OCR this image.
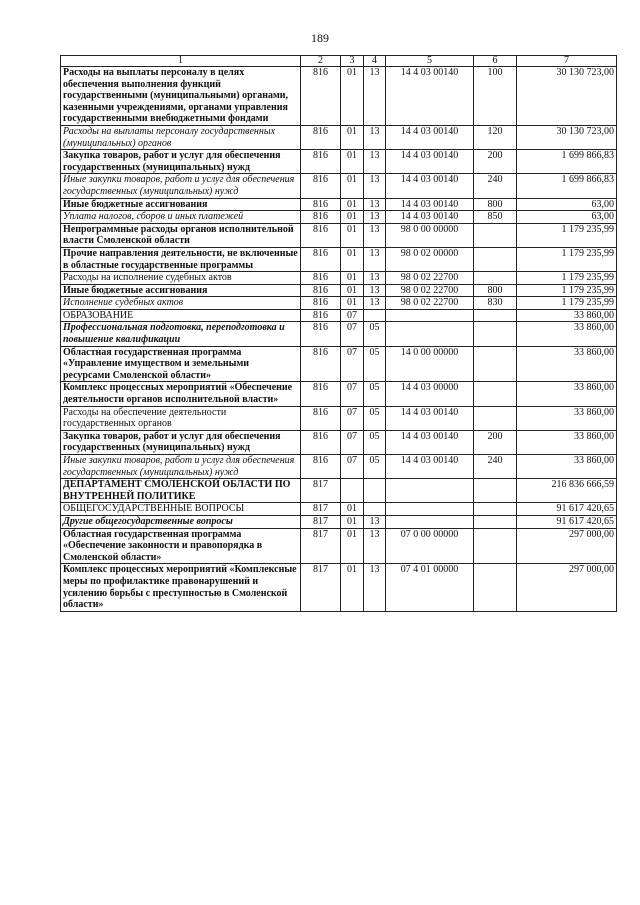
189
1	2	3	4	5	6	7
Расходы на выплаты персоналу в целях обеспечения выполнения функций государственными (муниципальными) органами, казенными учреждениями, органами управления государственными внебюджетными фондами	816	01	13	14 4 03 00140	100	30 130 723,00
Расходы на выплаты персоналу государственных (муниципальных) органов	816	01	13	14 4 03 00140	120	30 130 723,00
Закупка товаров, работ и услуг для обеспечения государственных (муниципальных) нужд	816	01	13	14 4 03 00140	200	1 699 866,83
Иные закупки товаров, работ и услуг для обеспечения государственных (муниципальных) нужд	816	01	13	14 4 03 00140	240	1 699 866,83
Иные бюджетные ассигнования	816	01	13	14 4 03 00140	800	63,00
Уплата налогов, сборов и иных платежей	816	01	13	14 4 03 00140	850	63,00
Непрограммные расходы органов исполнительной власти Смоленской области	816	01	13	98 0 00 00000		1 179 235,99
Прочие направления деятельности, не включенные в областные государственные программы	816	01	13	98 0 02 00000		1 179 235,99
Расходы на исполнение судебных актов	816	01	13	98 0 02 22700		1 179 235,99
Иные бюджетные ассигнования	816	01	13	98 0 02 22700	800	1 179 235,99
Исполнение судебных актов	816	01	13	98 0 02 22700	830	1 179 235,99
ОБРАЗОВАНИЕ	816	07				33 860,00
Профессиональная подготовка, переподготовка и повышение квалификации	816	07	05			33 860,00
Областная государственная программа «Управление имуществом и земельными ресурсами Смоленской области»	816	07	05	14 0 00 00000		33 860,00
Комплекс процессных мероприятий «Обеспечение деятельности органов исполнительной власти»	816	07	05	14 4 03 00000		33 860,00
Расходы на обеспечение деятельности государственных органов	816	07	05	14 4 03 00140		33 860,00
Закупка товаров, работ и услуг для обеспечения государственных (муниципальных) нужд	816	07	05	14 4 03 00140	200	33 860,00
Иные закупки товаров, работ и услуг для обеспечения государственных (муниципальных) нужд	816	07	05	14 4 03 00140	240	33 860,00
ДЕПАРТАМЕНТ СМОЛЕНСКОЙ ОБЛАСТИ ПО ВНУТРЕННЕЙ ПОЛИТИКЕ	817					216 836 666,59
ОБЩЕГОСУДАРСТВЕННЫЕ ВОПРОСЫ	817	01				91 617 420,65
Другие общегосударственные вопросы	817	01	13			91 617 420,65
Областная государственная программа «Обеспечение законности и правопорядка в Смоленской области»	817	01	13	07 0 00 00000		297 000,00
Комплекс процессных мероприятий «Комплексные меры по профилактике правонарушений и усилению борьбы с преступностью в Смоленской области»	817	01	13	07 4 01 00000		297 000,00
